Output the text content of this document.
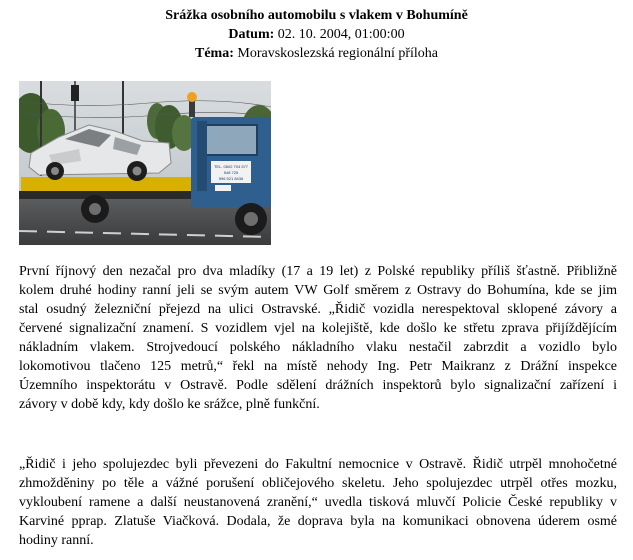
Srážka osobního automobilu s vlakem v Bohumíně
Datum: 02. 10. 2004, 01:00:00
Téma: Moravskoslezská regionální příloha
TEL. 0602 704 577
548 725
596 521 8436
První říjnový den nezačal pro dva mladíky (17 a 19 let) z Polské republiky příliš šťastně. Přibližně
kolem druhé hodiny ranní jeli se svým autem VW Golf směrem z Ostravy do Bohumína, kde se jim
stal osudný železniční přejezd na ulici Ostravské. „Řidič vozidla nerespektoval sklopené závory a
červené signalizační znamení. S vozidlem vjel na kolejiště, kde došlo ke střetu zprava přijíždějícím
nákladním vlakem. Strojvedoucí polského nákladního vlaku nestačil zabrzdit a vozidlo bylo
lokomotivou tlačeno 125 metrů,“ řekl na místě nehody Ing. Petr Maikranz z Drážní inspekce
Územního inspektorátu v Ostravě. Podle sdělení drážních inspektorů bylo signalizační zařízení i
závory v době kdy, kdy došlo ke srážce, plně funkční.
„Řidič i jeho spolujezdec byli převezeni do Fakultní nemocnice v Ostravě. Řidič utrpěl mnohočetné
zhmožděniny po těle a vážné porušení obličejového skeletu. Jeho spolujezdec utrpěl otřes mozku,
vykloubení ramene a další neustanovená zranění,“ uvedla tisková mluvčí Policie České republiky v
Karviné pprap. Zlatuše Viačková. Dodala, že doprava byla na komunikaci obnovena úderem osmé
hodiny ranní.
